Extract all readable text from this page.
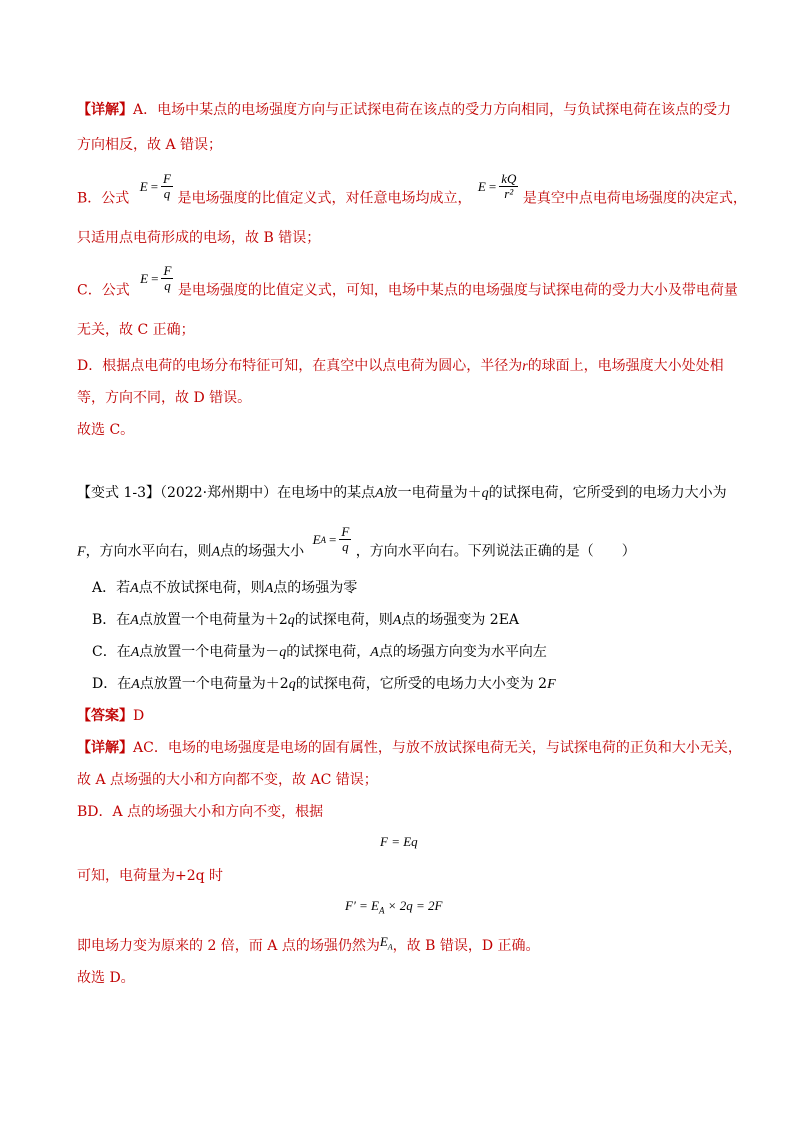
【详解】A．电场中某点的电场强度方向与正试探电荷在该点的受力方向相同，与负试探电荷在该点的受力
方向相反，故 A 错误；
B．公式
$E = \frac{F}{q}$ 是电场强度的比值定义式，对任意电场均成立，
$E = \frac{kQ}{\text{r²}}$ 是真空中点电荷电场强度的决定式，
只适用点电荷形成的电场，故 B 错误；
C．公式
$E = \frac{F}{q}$ 是电场强度的比值定义式，可知，电场中某点的电场强度与试探电荷的受力大小及带电荷量
无关，故 C 正确；
D．根据点电荷的电场分布特征可知，在真空中以点电荷为圆心，半径为r的球面上，电场强度大小处处相
等，方向不同，故 D 错误。
故选 C。
【变式 1-3】（2022·郑州期中）在电场中的某点A放一电荷量为＋q的试探电荷，它所受到的电场力大小为
F，方向水平向右，则A点的场强大小
E $A = \frac{F}{q}$ ，方向水平向右。下列说法正确的是（　　）
A．若A点不放试探电荷，则A点的场强为零
B．在A点放置一个电荷量为＋2q的试探电荷，则A点的场强变为 2EA
C．在A点放置一个电荷量为－q的试探电荷，A点的场强方向变为水平向左
D．在A点放置一个电荷量为＋2q的试探电荷，它所受的电场力大小变为 2F
【答案】D
【详解】AC．电场的电场强度是电场的固有属性，与放不放试探电荷无关，与试探电荷的正负和大小无关，
故 A 点场强的大小和方向都不变，故 AC 错误；
BD．A 点的场强大小和方向不变，根据
F = Eq
可知，电荷量为+2q 时
$F' = E_A \times 2q = 2F$
即电场力变为原来的 2 倍，而 A 点的场强仍然为$E_A$，故 B 错误，D 正确。
故选 D。
